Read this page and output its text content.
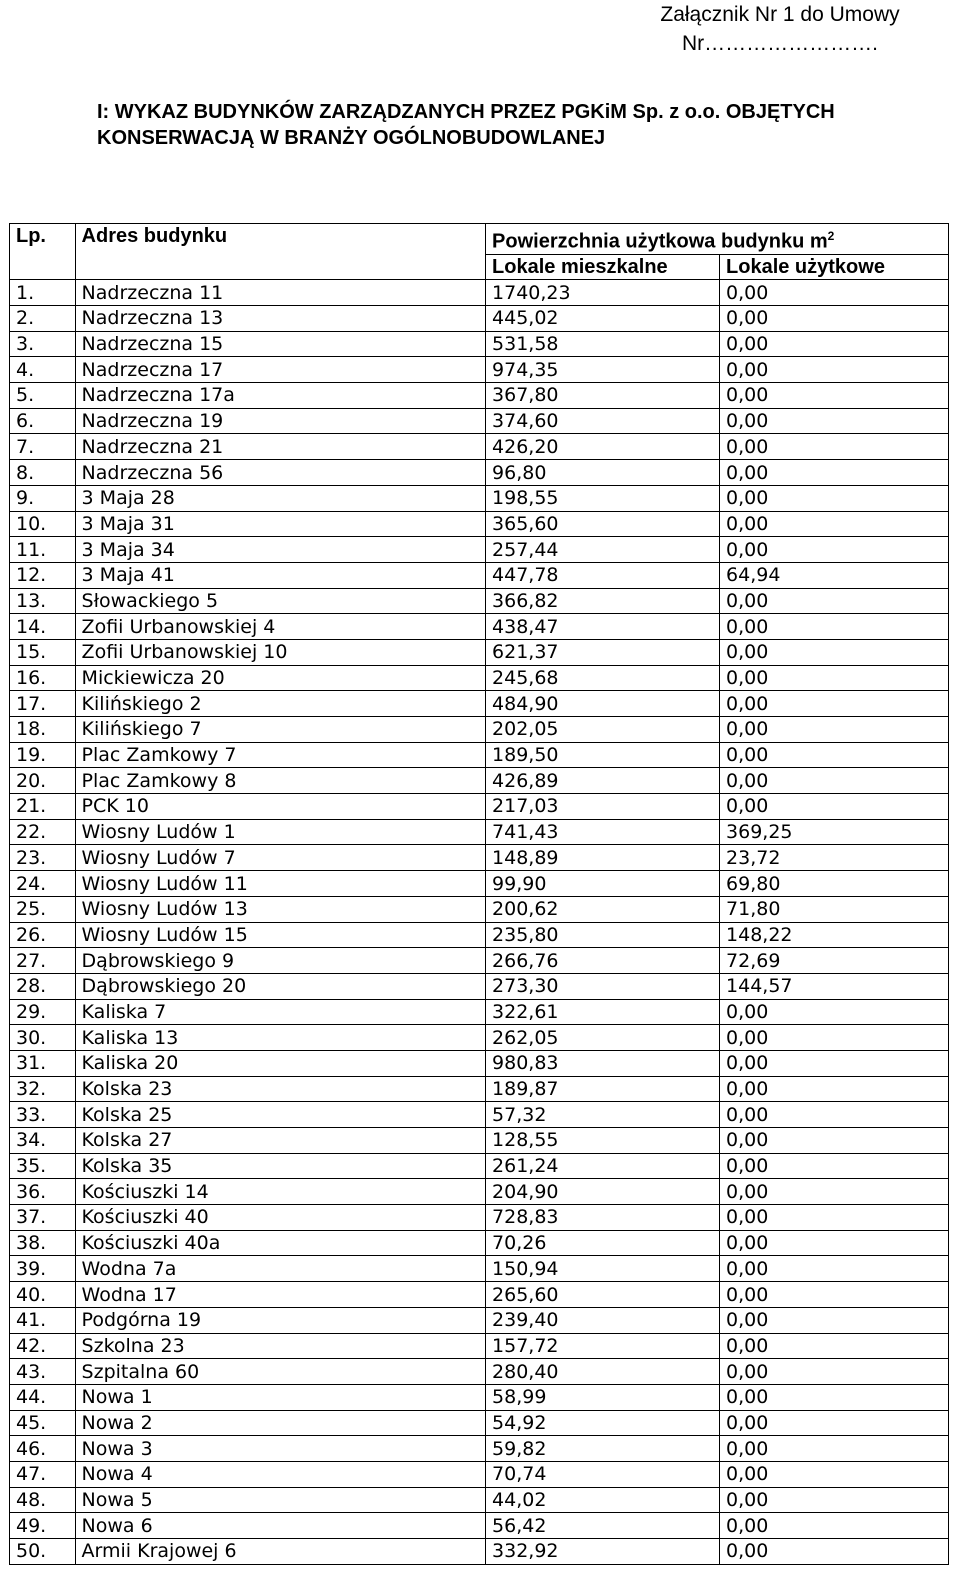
Załącznik Nr 1 do Umowy
Nr…………………….
I: WYKAZ BUDYNKÓW ZARZĄDZANYCH PRZEZ PGKiM Sp. z o.o. OBJĘTYCH
KONSERWACJĄ W BRANŻY OGÓLNOBUDOWLANEJ
Lp.	Adres budynku	Powierzchnia użytkowa budynku $m^2$
		Lokale mieszkalne	Lokale użytkowe
1.	Nadrzeczna 11	1740,23	0,00
2.	Nadrzeczna 13	445,02	0,00
3.	Nadrzeczna 15	531,58	0,00
4.	Nadrzeczna 17	974,35	0,00
5.	Nadrzeczna 17a	367,80	0,00
6.	Nadrzeczna 19	374,60	0,00
7.	Nadrzeczna 21	426,20	0,00
8.	Nadrzeczna 56	96,80	0,00
9.	3 Maja 28	198,55	0,00
10.	3 Maja 31	365,60	0,00
11.	3 Maja 34	257,44	0,00
12.	3 Maja 41	447,78	64,94
13.	Słowackiego 5	366,82	0,00
14.	Zofii Urbanowskiej 4	438,47	0,00
15.	Zofii Urbanowskiej 10	621,37	0,00
16.	Mickiewicza 20	245,68	0,00
17.	Kilińskiego 2	484,90	0,00
18.	Kilińskiego 7	202,05	0,00
19.	Plac Zamkowy 7	189,50	0,00
20.	Plac Zamkowy 8	426,89	0,00
21.	PCK 10	217,03	0,00
22.	Wiosny Ludów 1	741,43	369,25
23.	Wiosny Ludów 7	148,89	23,72
24.	Wiosny Ludów 11	99,90	69,80
25.	Wiosny Ludów 13	200,62	71,80
26.	Wiosny Ludów 15	235,80	148,22
27.	Dąbrowskiego 9	266,76	72,69
28.	Dąbrowskiego 20	273,30	144,57
29.	Kaliska 7	322,61	0,00
30.	Kaliska 13	262,05	0,00
31.	Kaliska 20	980,83	0,00
32.	Kolska 23	189,87	0,00
33.	Kolska 25	57,32	0,00
34.	Kolska 27	128,55	0,00
35.	Kolska 35	261,24	0,00
36.	Kościuszki 14	204,90	0,00
37.	Kościuszki 40	728,83	0,00
38.	Kościuszki 40a	70,26	0,00
39.	Wodna 7a	150,94	0,00
40.	Wodna 17	265,60	0,00
41.	Podgórna 19	239,40	0,00
42.	Szkolna 23	157,72	0,00
43.	Szpitalna 60	280,40	0,00
44.	Nowa 1	58,99	0,00
45.	Nowa 2	54,92	0,00
46.	Nowa 3	59,82	0,00
47.	Nowa 4	70,74	0,00
48.	Nowa 5	44,02	0,00
49.	Nowa 6	56,42	0,00
50.	Armii Krajowej 6	332,92	0,00
